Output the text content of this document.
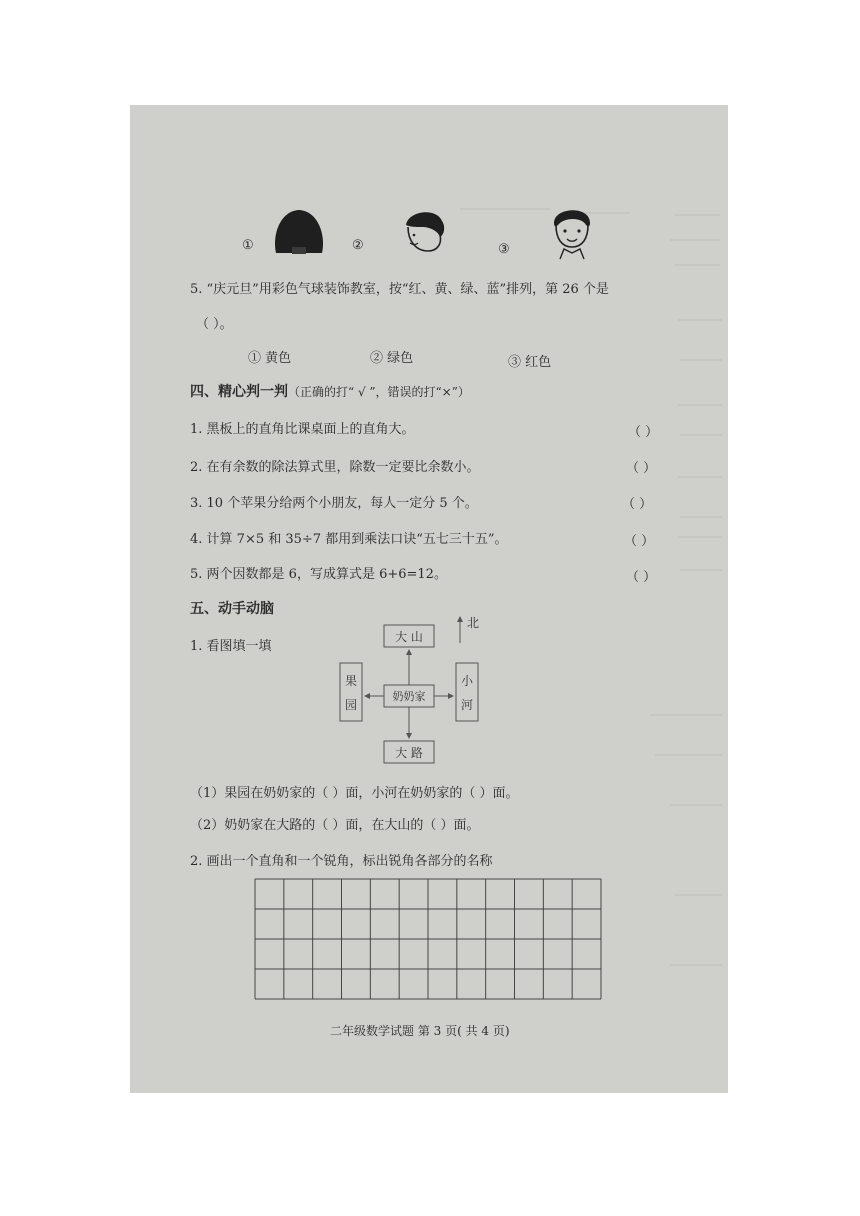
①	②	③
5. “庆元旦”用彩色气球装饰教室，按“红、黄、绿、蓝”排列，第 26 个是
（ ）。
① 黄色	② 绿色	③ 红色
四、精心判一判（正确的打“ √ ”，错误的打“×”）
1. 黑板上的直角比课桌面上的直角大。	（ ）
2. 在有余数的除法算式里，除数一定要比余数小。	（ ）
3. 10 个苹果分给两个小朋友，每人一定分 5 个。	（ ）
4. 计算 7×5 和 35÷7 都用到乘法口诀“五七三十五”。	（ ）
5. 两个因数都是 6，写成算式是 6+6=12。	（ ）
五、动手动脑
1. 看图填一填
大 山
奶奶家
大 路
北
果园
小河
（1）果园在奶奶家的（ ）面，小河在奶奶家的（ ）面。
（2）奶奶家在大路的（ ）面，在大山的（ ）面。
2. 画出一个直角和一个锐角，标出锐角各部分的名称
二年级数学试题 第 3 页( 共 4 页)
